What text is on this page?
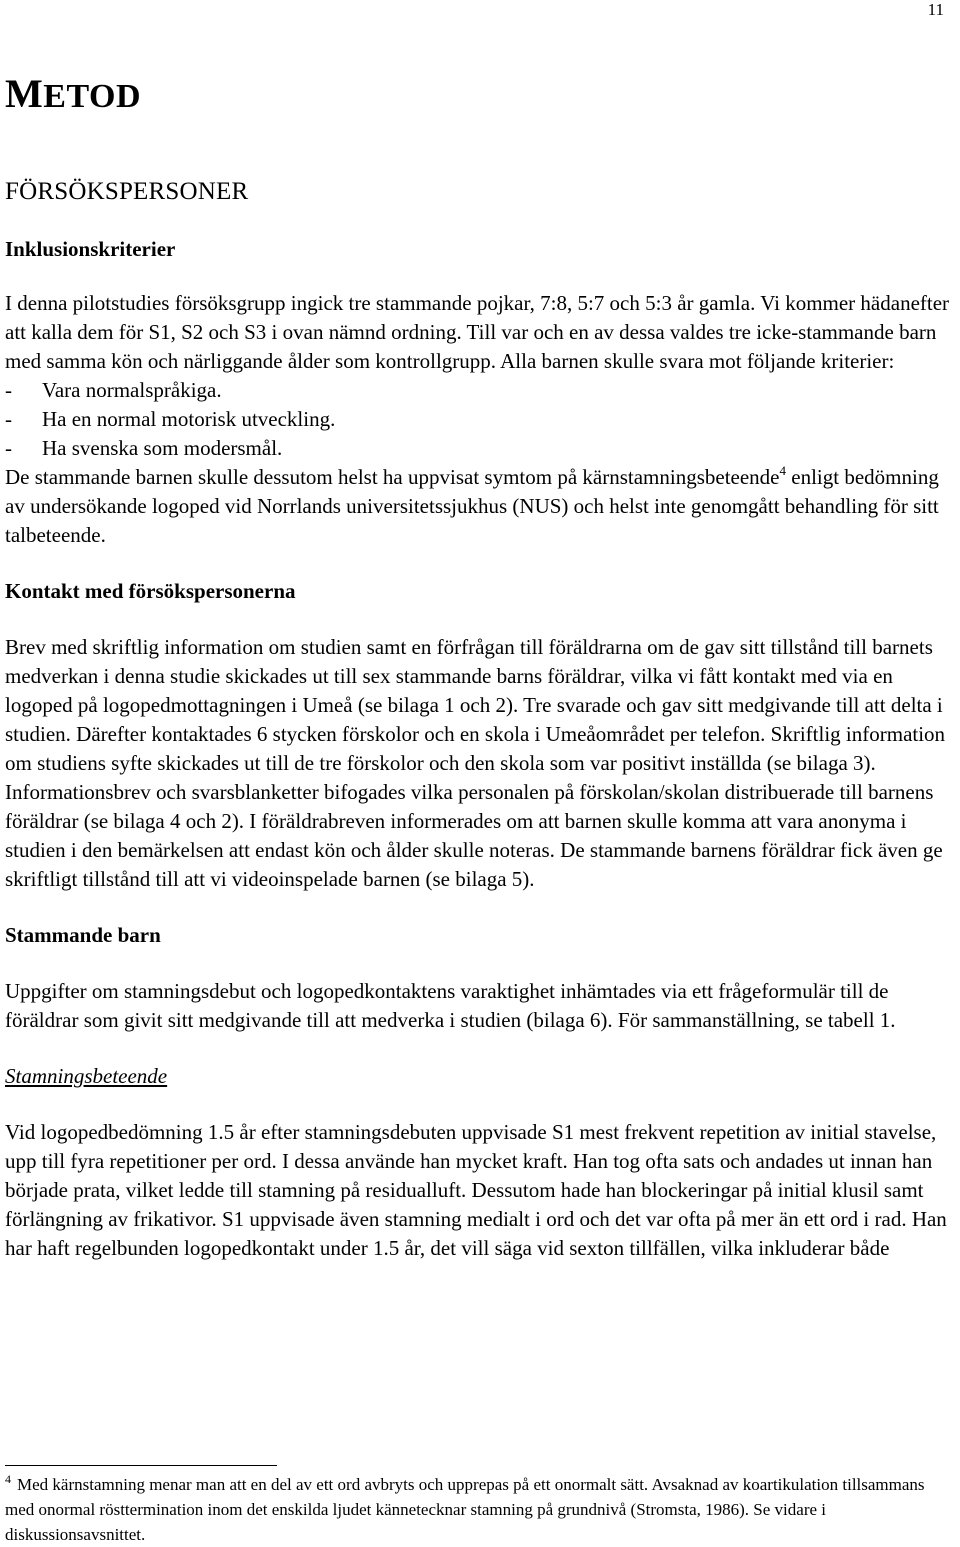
11
METOD
FÖRSÖKSPERSONER
Inklusionskriterier

I denna pilotstudies försöksgrupp ingick tre stammande pojkar, 7:8, 5:7 och 5:3 år gamla. Vi kommer hädanefter att kalla dem för S1, S2 och S3 i ovan nämnd ordning. Till var och en av dessa valdes tre icke-stammande barn med samma kön och närliggande ålder som kontrollgrupp. Alla barnen skulle svara mot följande kriterier:

- Vara normalspråkiga.
- Ha en normal motorisk utveckling.
- Ha svenska som modersmål.

De stammande barnen skulle dessutom helst ha uppvisat symtom på kärnstamningsbeteende$^4$ enligt bedömning av undersökande logoped vid Norrlands universitetssjukhus (NUS) och helst inte genomgått behandling för sitt talbeteende.

Kontakt med försökspersonerna

Brev med skriftlig information om studien samt en förfrågan till föräldrarna om de gav sitt tillstånd till barnets medverkan i denna studie skickades ut till sex stammande barns föräldrar, vilka vi fått kontakt med via en logoped på logopedmottagningen i Umeå (se bilaga 1 och 2). Tre svarade och gav sitt medgivande till att delta i studien. Därefter kontaktades 6 stycken förskolor och en skola i Umeåområdet per telefon. Skriftlig information om studiens syfte skickades ut till de tre förskolor och den skola som var positivt inställda (se bilaga 3). Informationsbrev och svarsblanketter bifogades vilka personalen på förskolan/skolan distribuerade till barnens föräldrar (se bilaga 4 och 2). I föräldrabreven informerades om att barnen skulle komma att vara anonyma i studien i den bemärkelsen att endast kön och ålder skulle noteras. De stammande barnens föräldrar fick även ge skriftligt tillstånd till att vi videoinspelade barnen (se bilaga 5).

Stammande barn

Uppgifter om stamningsdebut och logopedkontaktens varaktighet inhämtades via ett frågeformulär till de föräldrar som givit sitt medgivande till att medverka i studien (bilaga 6). För sammanställning, se tabell 1.

Stamningsbeteende

Vid logopedbedömning 1.5 år efter stamningsdebuten uppvisade S1 mest frekvent repetition av initial stavelse, upp till fyra repetitioner per ord. I dessa använde han mycket kraft. Han tog ofta sats och andades ut innan han började prata, vilket ledde till stamning på residualluft. Dessutom hade han blockeringar på initial klusil samt förlängning av frikativor. S1 uppvisade även stamning medialt i ord och det var ofta på mer än ett ord i rad. Han har haft regelbunden logopedkontakt under 1.5 år, det vill säga vid sexton tillfällen, vilka inkluderar både

$^4$ Med kärnstamning menar man att en del av ett ord avbryts och upprepas på ett onormalt sätt. Avsaknad av koartikulation tillsammans med onormal rösttermination inom det enskilda ljudet kännetecknar stamning på grundnivå (Stromsta, 1986). Se vidare i diskussionsavsnittet.
